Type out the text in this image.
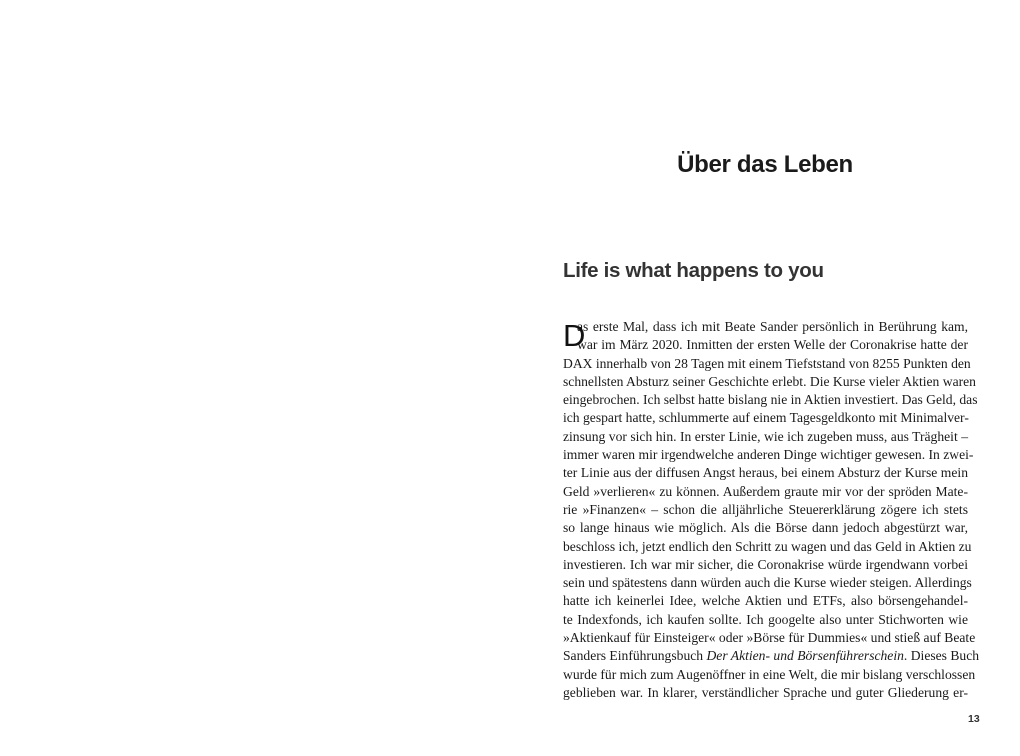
Über das Leben
Life is what happens to you
D
as erste Mal, dass ich mit Beate Sander persönlich in Berührung kam,
war im März 2020. Inmitten der ersten Welle der Coronakrise hatte der
DAX innerhalb von 28 Tagen mit einem Tiefststand von 8255 Punkten den
schnellsten Absturz seiner Geschichte erlebt. Die Kurse vieler Aktien waren
eingebrochen. Ich selbst hatte bislang nie in Aktien investiert. Das Geld, das
ich gespart hatte, schlummerte auf einem Tagesgeldkonto mit Minimalver-
zinsung vor sich hin. In erster Linie, wie ich zugeben muss, aus Trägheit –
immer waren mir irgendwelche anderen Dinge wichtiger gewesen. In zwei-
ter Linie aus der diffusen Angst heraus, bei einem Absturz der Kurse mein
Geld »verlieren« zu können. Außerdem graute mir vor der spröden Mate-
rie »Finanzen« – schon die alljährliche Steuererklärung zögere ich stets
so lange hinaus wie möglich. Als die Börse dann jedoch abgestürzt war,
beschloss ich, jetzt endlich den Schritt zu wagen und das Geld in Aktien zu
investieren. Ich war mir sicher, die Coronakrise würde irgendwann vorbei
sein und spätestens dann würden auch die Kurse wieder steigen. Allerdings
hatte ich keinerlei Idee, welche Aktien und ETFs, also börsengehandel-
te Indexfonds, ich kaufen sollte. Ich googelte also unter Stichworten wie
»Aktienkauf für Einsteiger« oder »Börse für Dummies« und stieß auf Beate
Sanders Einführungsbuch Der Aktien- und Börsenführerschein. Dieses Buch
wurde für mich zum Augenöffner in eine Welt, die mir bislang verschlossen
geblieben war. In klarer, verständlicher Sprache und guter Gliederung er-
13
